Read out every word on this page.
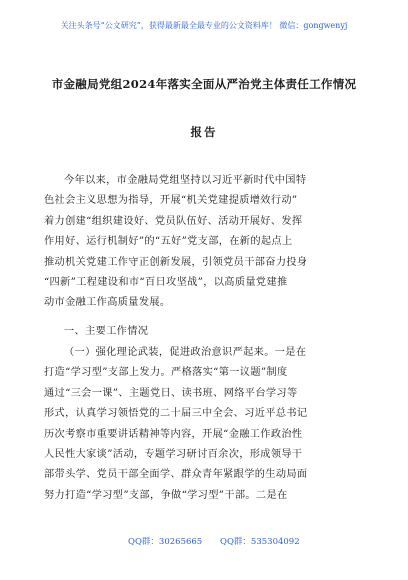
关注头条号“公文研究”，获得最新最全最专业的公文资料库！ 微信：gongwenyj
市金融局党组2024年落实全面从严治党主体责任工作情况
报告
今年以来，市金融局党组坚持以习近平新时代中国特
色社会主义思想为指导，开展“机关党建提质增效行动”
着力创建“组织建设好、党员队伍好、活动开展好、发挥
作用好、运行机制好”的“五好”党支部，在新的起点上
推动机关党建工作守正创新发展，引领党员干部奋力投身
“四新”工程建设和市“百日攻坚战”，以高质量党建推
动市金融工作高质量发展。
一、主要工作情况
（一）强化理论武装，促进政治意识严起来。一是在
打造“学习型”支部上发力。严格落实“第一议题”制度
通过“三会一课”、主题党日、读书班、网络平台学习等
形式，认真学习领悟党的二十届三中全会、习近平总书记
历次考察市重要讲话精神等内容，开展“金融工作政治性
人民性大家谈”活动，专题学习研讨百余次，形成领导干
部带头学、党员干部全面学、群众青年紧跟学的生动局面
努力打造“学习型”支部，争做“学习型”干部。二是在
QQ群：30265665 QQ群：535304092
